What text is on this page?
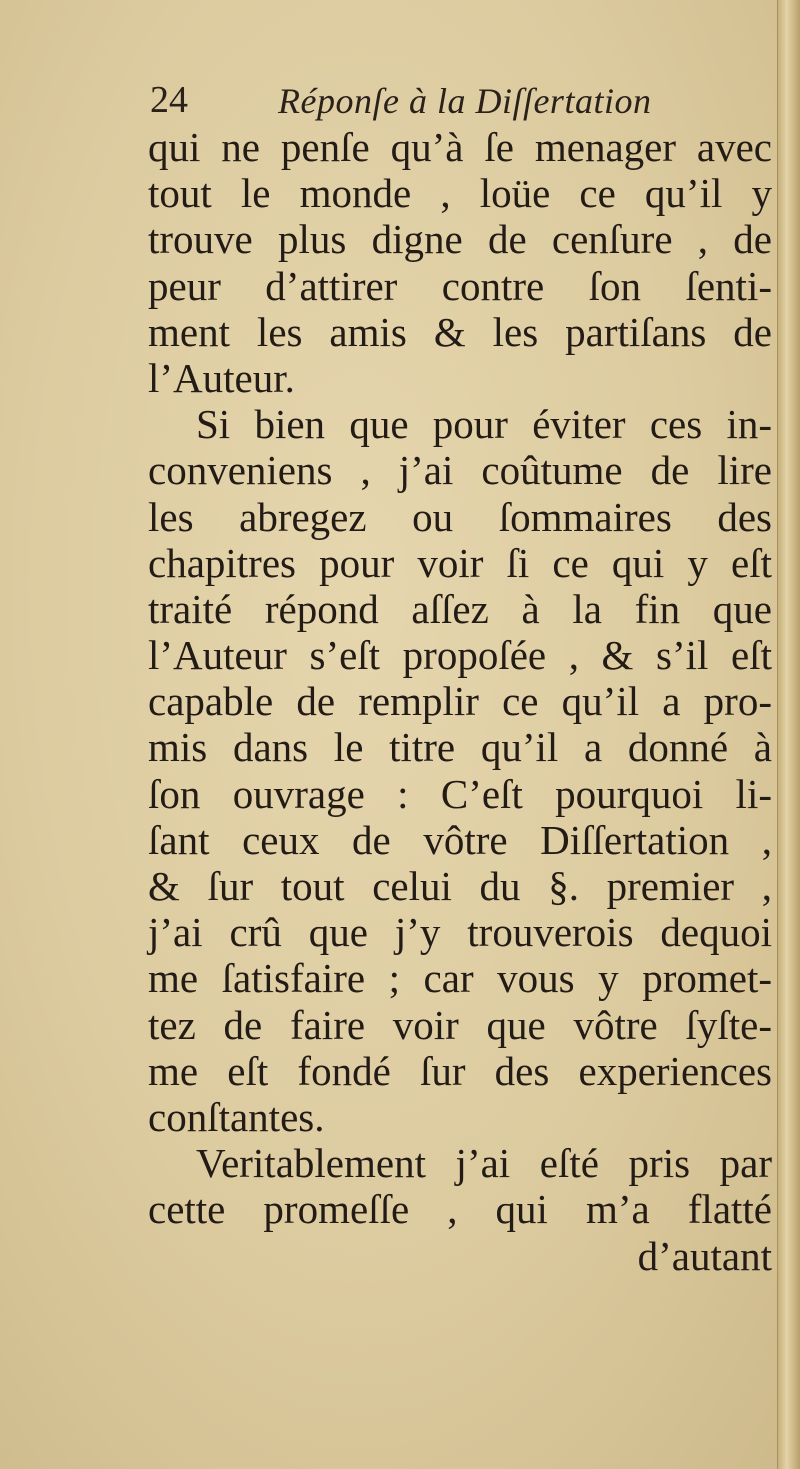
24	Réponſe à la Diſſertation
qui ne penſe qu’à ſe menager avec
tout le monde , loüe ce qu’il y
trouve plus digne de cenſure , de
peur d’attirer contre ſon ſenti-
ment les amis & les partiſans de
l’Auteur.
Si bien que pour éviter ces in-
conveniens , j’ai coûtume de lire
les abregez ou ſommaires des
chapitres pour voir ſi ce qui y eſt
traité répond aſſez à la fin que
l’Auteur s’eſt propoſée , & s’il eſt
capable de remplir ce qu’il a pro-
mis dans le titre qu’il a donné à
ſon ouvrage : C’eſt pourquoi li-
ſant ceux de vôtre Diſſertation ,
& ſur tout celui du §. premier ,
j’ai crû que j’y trouverois dequoi
me ſatisfaire ; car vous y promet-
tez de faire voir que vôtre ſyſte-
me eſt fondé ſur des experiences
conſtantes.
Veritablement j’ai eſté pris par
cette promeſſe , qui m’a flatté
d’autant
